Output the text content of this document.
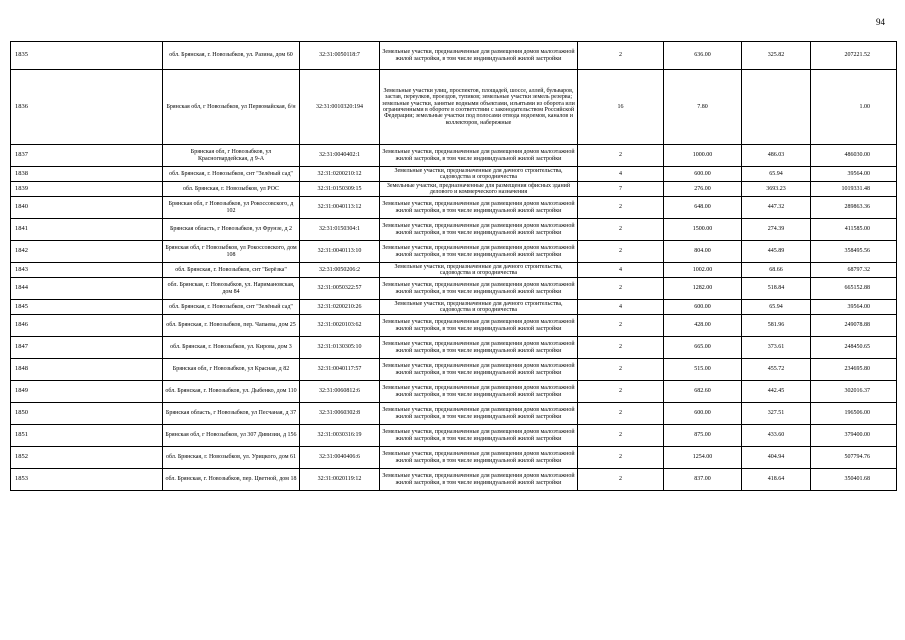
94
1835	обл. Брянская, г. Новозыбков, ул. Разина, дом 60	32:31:0050118:7	Земельные участки, предназначенные для размещения домов малоэтажной жилой застройки, в том числе индивидуальной жилой застройки	2	636.00	325.82	207221.52
1836	Брянская обл, г Новозыбков, ул Первомайская, б/н	32:31:0010320:194	Земельные участки улиц, проспектов, площадей, шоссе, аллей, бульваров, застав, переулков, проездов, тупиков; земельные участки земель резерва; земельные участки, занятые водными объектами, изъятыми из оборота или ограниченными в обороте в соответствии с законодательством Российской Федерации; земельные участки под полосами отвода водоемов, каналов и коллекторов, набережные	16	7.80		1.00
1837	Брянская обл, г Новозыбков, ул Красногвардейская, д 9-А	32:31:0040402:1	Земельные участки, предназначенные для размещения домов малоэтажной жилой застройки, в том числе индивидуальной жилой застройки	2	1000.00	486.03	486030.00
1838	обл. Брянская, г. Новозыбков, снт "Зелёный сад"	32:31:0200210:12	Земельные участки, предназначенные для дачного строительства, садоводства и огородничества	4	600.00	65.94	39564.00
1839	обл. Брянская, г. Новозыбков, ул РОС	32:31:0150309:15	Земельные участки, предназначенные для размещения офисных зданий делового и коммерческого назначения	7	276.00	3693.23	1019331.48
1840	Брянская обл, г Новозыбков, ул Рокоссовского, д 102	32:31:0040113:12	Земельные участки, предназначенные для размещения домов малоэтажной жилой застройки, в том числе индивидуальной жилой застройки	2	648.00	447.32	289863.36
1841	Брянская область, г Новозыбков, ул Фрунзе, д 2	32:31:0150304:1	Земельные участки, предназначенные для размещения домов малоэтажной жилой застройки, в том числе индивидуальной жилой застройки	2	1500.00	274.39	411585.00
1842	Брянская обл, г Новозыбков, ул Рокоссовского, дом 108	32:31:0040113:10	Земельные участки, предназначенные для размещения домов малоэтажной жилой застройки, в том числе индивидуальной жилой застройки	2	804.00	445.89	358495.56
1843	обл. Брянская, г. Новозыбков, снт "Берёзка"	32:31:0050206:2	Земельные участки, предназначенные для дачного строительства, садоводства и огородничества	4	1002.00	68.66	68797.32
1844	обл. Брянская, г. Новозыбков, ул. Наримановская, дом 84	32:31:0050322:57	Земельные участки, предназначенные для размещения домов малоэтажной жилой застройки, в том числе индивидуальной жилой застройки	2	1282.00	518.84	665152.88
1845	обл. Брянская, г. Новозыбков, снт "Зелёный сад"	32:31:0200210:26	Земельные участки, предназначенные для дачного строительства, садоводства и огородничества	4	600.00	65.94	39564.00
1846	обл. Брянская, г. Новозыбков, пер. Чапаева, дом 25	32:31:0020103:62	Земельные участки, предназначенные для размещения домов малоэтажной жилой застройки, в том числе индивидуальной жилой застройки	2	428.00	581.96	249078.88
1847	обл. Брянская, г. Новозыбков, ул. Кирова, дом 3	32:31:0130305:10	Земельные участки, предназначенные для размещения домов малоэтажной жилой застройки, в том числе индивидуальной жилой застройки	2	665.00	373.61	248450.65
1848	Брянская обл, г Новозыбков, ул Красная, д 82	32:31:0040117:57	Земельные участки, предназначенные для размещения домов малоэтажной жилой застройки, в том числе индивидуальной жилой застройки	2	515.00	455.72	234695.80
1849	обл. Брянская, г. Новозыбков, ул. Дыбенко, дом 110	32:31:0060812:6	Земельные участки, предназначенные для размещения домов малоэтажной жилой застройки, в том числе индивидуальной жилой застройки	2	682.60	442.45	302016.37
1850	Брянская область, г Новозыбков, ул Песчаная, д 37	32:31:0060302:8	Земельные участки, предназначенные для размещения домов малоэтажной жилой застройки, в том числе индивидуальной жилой застройки	2	600.00	327.51	196506.00
1851	Брянская обл, г Новозыбков, ул 307 Дивизии, д 156	32:31:0030316:19	Земельные участки, предназначенные для размещения домов малоэтажной жилой застройки, в том числе индивидуальной жилой застройки	2	875.00	433.60	379400.00
1852	обл. Брянская, г. Новозыбков, ул. Урицкого, дом 61	32:31:0040406:6	Земельные участки, предназначенные для размещения домов малоэтажной жилой застройки, в том числе индивидуальной жилой застройки	2	1254.00	404.94	507794.76
1853	обл. Брянская, г. Новозыбков, пер. Цветной, дом 18	32:31:0020119:12	Земельные участки, предназначенные для размещения домов малоэтажной жилой застройки, в том числе индивидуальной жилой застройки	2	837.00	418.64	350401.68
